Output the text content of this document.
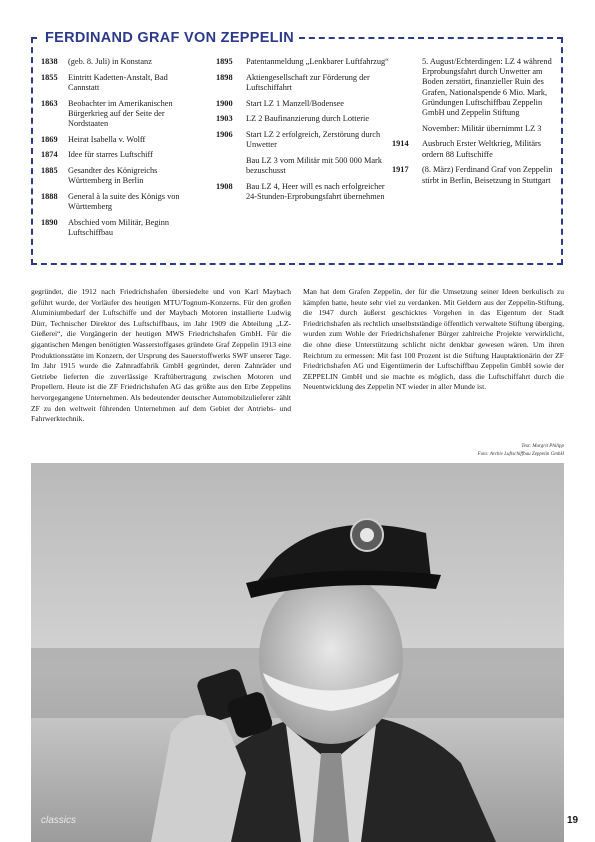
FERDINAND GRAF VON ZEPPELIN
1838	(geb. 8. Juli) in Konstanz
1855	Eintritt Kadetten-Anstalt, Bad Cannstatt
1863	Beobachter im Amerikanischen Bürgerkrieg auf der Seite der Nordstaaten
1869	Heirat Isabella v. Wolff
1874	Idee für starres Luftschiff
1885	Gesandter des Königreichs Württemberg in Berlin
1888	General à la suite des Königs von Württemberg
1890	Abschied vom Militär, Beginn Luftschiffbau
1895	Patentanmeldung „Lenkbarer Luftfahrzug“
1898	Aktiengesellschaft zur Förderung der Luftschiffahrt
1900	Start LZ 1 Manzell/Bodensee
1903	LZ 2 Baufinanzierung durch Lotterie
1906	Start LZ 2 erfolgreich, Zerstörung durch Unwetter
Bau LZ 3 vom Militär mit 500 000 Mark bezuschusst
1908	Bau LZ 4, Heer will es nach erfolgreicher 24-Stunden-Erprobungsfahrt übernehmen
5. August/Echterdingen: LZ 4 während Erprobungsfahrt durch Unwetter am Boden zerstört, finanzieller Ruin des Grafen, Nationalspende 6 Mio. Mark, Gründungen Luftschiffbau Zeppelin GmbH und Zeppelin Stiftung
November: Militär übernimmt LZ 3
1914	Ausbruch Erster Weltkrieg, Militärs ordern 88 Luftschiffe
1917	(8. März) Ferdinand Graf von Zeppelin stirbt in Berlin, Beisetzung in Stuttgart
gegründet, die 1912 nach Friedrichshafen übersiedelte und von Karl Maybach geführt wurde, der Vorläufer des heutigen MTU/Tognum-Konzerns. Für den großen Aluminiumbedarf der Luftschiffe und der Maybach Motoren installierte Ludwig Dürr, Technischer Direktor des Luftschiffbaus, im Jahr 1909 die Abteilung „LZ-Gießerei“, die Vorgängerin der heutigen MWS Friedrichshafen GmbH. Für die gigantischen Mengen benötigten Wasserstoffgases gründete Graf Zeppelin 1913 eine Produktionsstätte im Konzern, der Ursprung des Sauerstoffwerks SWF unserer Tage. Im Jahr 1915 wurde die Zahnradfabrik GmbH gegründet, deren Zahnräder und Getriebe lieferten die zuverlässige Kraftübertragung zwischen Motoren und Propellern. Heute ist die ZF Friedrichshafen AG das größte aus den Erbe Zeppelins hervorgegangene Unternehmen. Als bedeutender deutscher Automobilzulieferer zählt ZF zu den weltweit führenden Unternehmen auf dem Gebiet der Antriebs- und Fahrwerktechnik.
Man hat dem Grafen Zeppelin, der für die Umsetzung seiner Ideen berkulisch zu kämpfen hatte, heute sehr viel zu verdanken. Mit Geldern aus der Zeppelin-Stiftung, die 1947 durch äußerst geschicktes Vorgehen in das Eigentum der Stadt Friedrichshafen als rechtlich unselbstständige öffentlich verwaltete Stiftung überging, wurden zum Wohle der Friedrichshafener Bürger zahlreiche Projekte verwirklicht, die ohne diese Unterstützung schlicht nicht denkbar gewesen wären. Um ihren Reichtum zu ermessen: Mit fast 100 Prozent ist die Stiftung Hauptaktionärin der ZF Friedrichshafen AG und Eigentümerin der Luftschiffbau Zeppelin GmbH sowie der ZEPPELIN GmbH und sie machte es möglich, dass die Luftschiffahrt durch die Neuentwicklung des Zeppelin NT wieder in aller Munde ist.
Text: Margrit Philipp
Foto: Archiv Luftschiffbau Zeppelin GmbH
classics	19
